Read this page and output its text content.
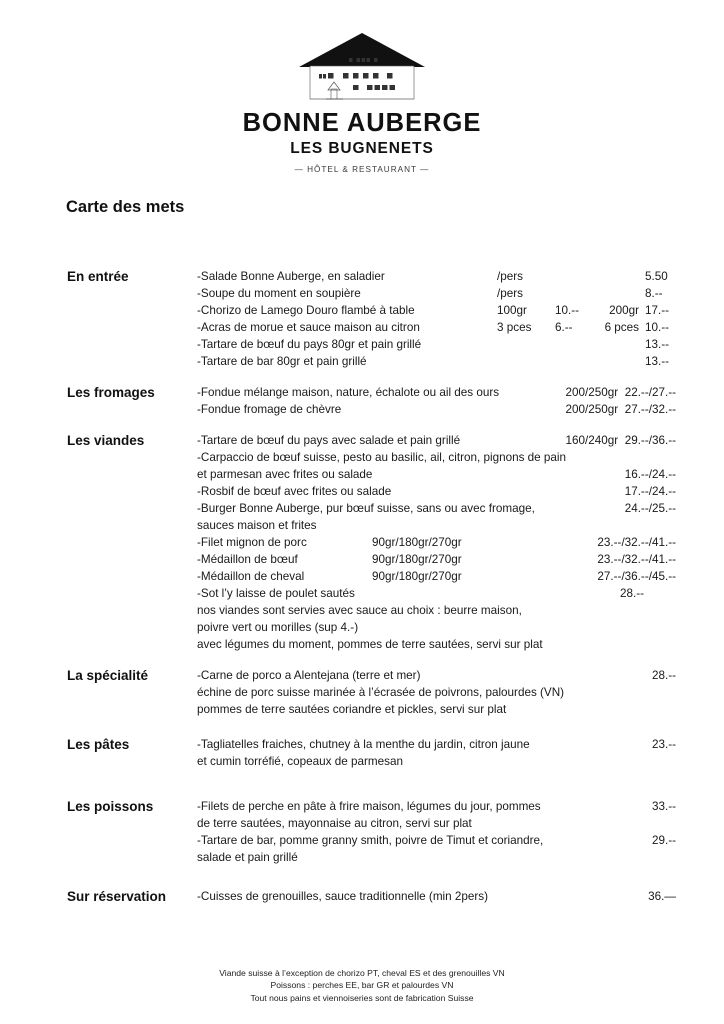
BONNE AUBERGE
LES BUGNENETS
— HÔTEL & RESTAURANT —
Carte des mets
En entrée	-Salade Bonne Auberge, en saladier	/pers	5.50
-Soupe du moment en soupière	/pers	8.--
-Chorizo de Lamego Douro flambé à table	100gr	10.--	200gr 17.--
-Acras de morue et sauce maison au citron	3 pces	6.--	6 pces 10.--
-Tartare de bœuf du pays 80gr et pain grillé	13.--
-Tartare de bar 80gr et pain grillé	13.--
Les fromages	-Fondue mélange maison, nature, échalote ou ail des ours	200/250gr 22.--/27.--
-Fondue fromage de chèvre	200/250gr 27.--/32.--
Les viandes	-Tartare de bœuf du pays avec salade et pain grillé	160/240gr 29.--/36.--
-Carpaccio de bœuf suisse, pesto au basilic, ail, citron, pignons de pain
et parmesan avec frites ou salade	16.--/24.--
-Rosbif de bœuf avec frites ou salade	17.--/24.--
-Burger Bonne Auberge, pur bœuf suisse, sans ou avec fromage,	24.--/25.--
sauces maison et frites
-Filet mignon de porc	90gr/180gr/270gr	23.--/32.--/41.--
-Médaillon de bœuf	90gr/180gr/270gr	23.--/32.--/41.--
-Médaillon de cheval	90gr/180gr/270gr	27.--/36.--/45.--
-Sot l’y laisse de poulet sautés	28.--
nos viandes sont servies avec sauce au choix : beurre maison,
poivre vert ou morilles (sup 4.-)
avec légumes du moment, pommes de terre sautées, servi sur plat
La spécialité	-Carne de porco a Alentejana (terre et mer)	28.--
échine de porc suisse marinée à l’écrasée de poivrons, palourdes (VN)
pommes de terre sautées coriandre et pickles, servi sur plat
Les pâtes	-Tagliatelles fraiches, chutney à la menthe du jardin, citron jaune	23.--
et cumin torréfié, copeaux de parmesan
Les poissons	-Filets de perche en pâte à frire maison, légumes du jour, pommes	33.--
de terre sautées, mayonnaise au citron, servi sur plat
-Tartare de bar, pomme granny smith, poivre de Timut et coriandre,	29.--
salade et pain grillé
Sur réservation	-Cuisses de grenouilles, sauce traditionnelle (min 2pers)	36.—
Viande suisse à l’exception de chorizo PT, cheval ES et des grenouilles VN
Poissons : perches EE, bar GR et palourdes VN
Tout nous pains et viennoiseries sont de fabrication Suisse
